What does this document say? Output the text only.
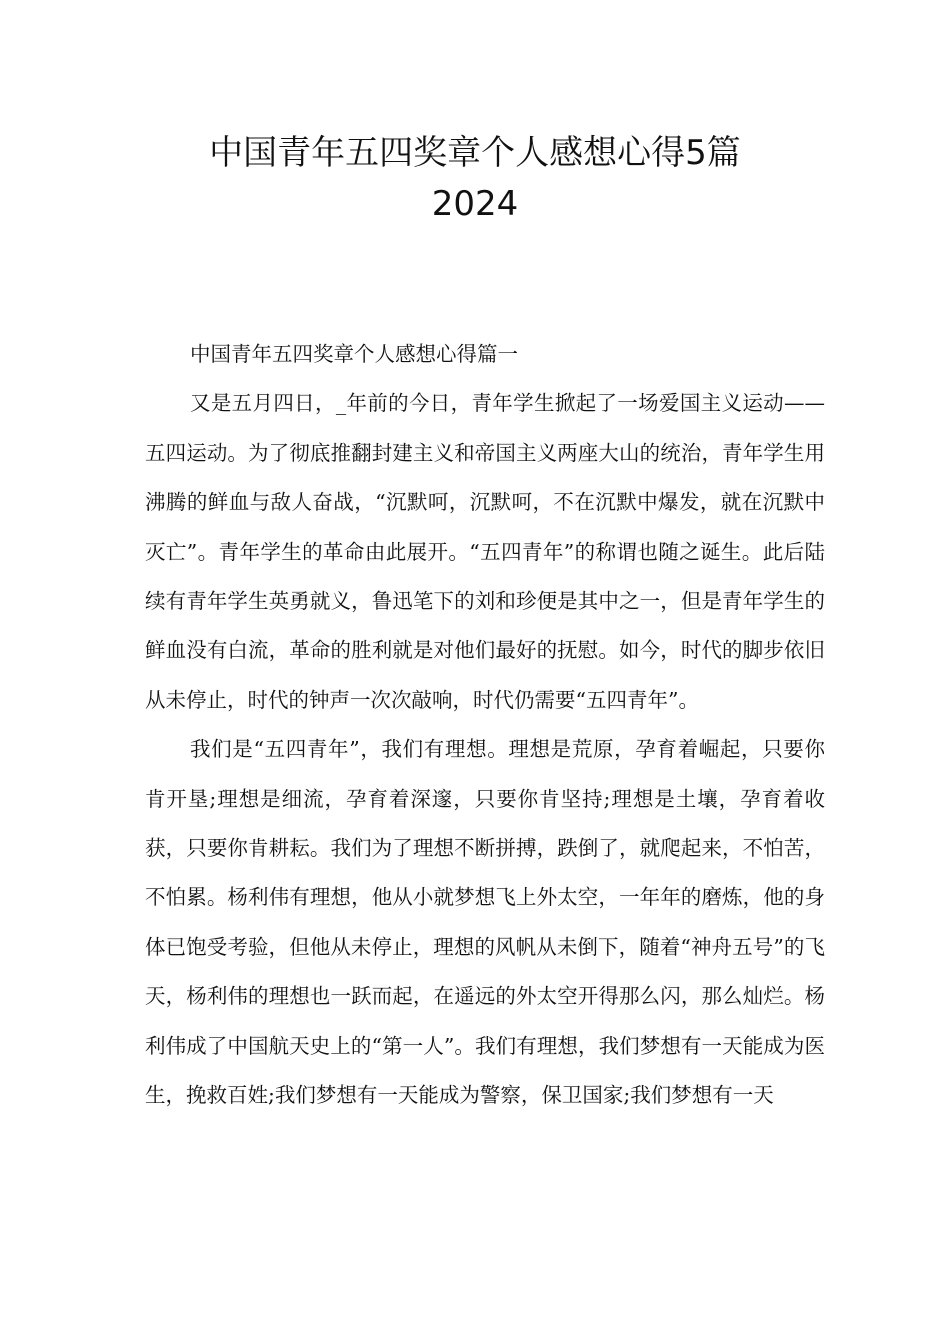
中国青年五四奖章个人感想心得5篇
2024
中国青年五四奖章个人感想心得篇一

又是五月四日，_年前的今日，青年学生掀起了一场爱国主义运动——五四运动。为了彻底推翻封建主义和帝国主义两座大山的统治，青年学生用沸腾的鲜血与敌人奋战，“沉默呵，沉默呵，不在沉默中爆发，就在沉默中灭亡”。青年学生的革命由此展开。“五四青年”的称谓也随之诞生。此后陆续有青年学生英勇就义，鲁迅笔下的刘和珍便是其中之一，但是青年学生的鲜血没有白流，革命的胜利就是对他们最好的抚慰。如今，时代的脚步依旧从未停止，时代的钟声一次次敲响，时代仍需要“五四青年”。

我们是“五四青年”，我们有理想。理想是荒原，孕育着崛起，只要你肯开垦;理想是细流，孕育着深邃，只要你肯坚持;理想是土壤，孕育着收获，只要你肯耕耘。我们为了理想不断拼搏，跌倒了，就爬起来，不怕苦，不怕累。杨利伟有理想，他从小就梦想飞上外太空，一年年的磨炼，他的身体已饱受考验，但他从未停止，理想的风帆从未倒下，随着“神舟五号”的飞天，杨利伟的理想也一跃而起，在遥远的外太空开得那么闪，那么灿烂。杨利伟成了中国航天史上的“第一人”。我们有理想，我们梦想有一天能成为医生，挽救百姓;我们梦想有一天能成为警察，保卫国家;我们梦想有一天
